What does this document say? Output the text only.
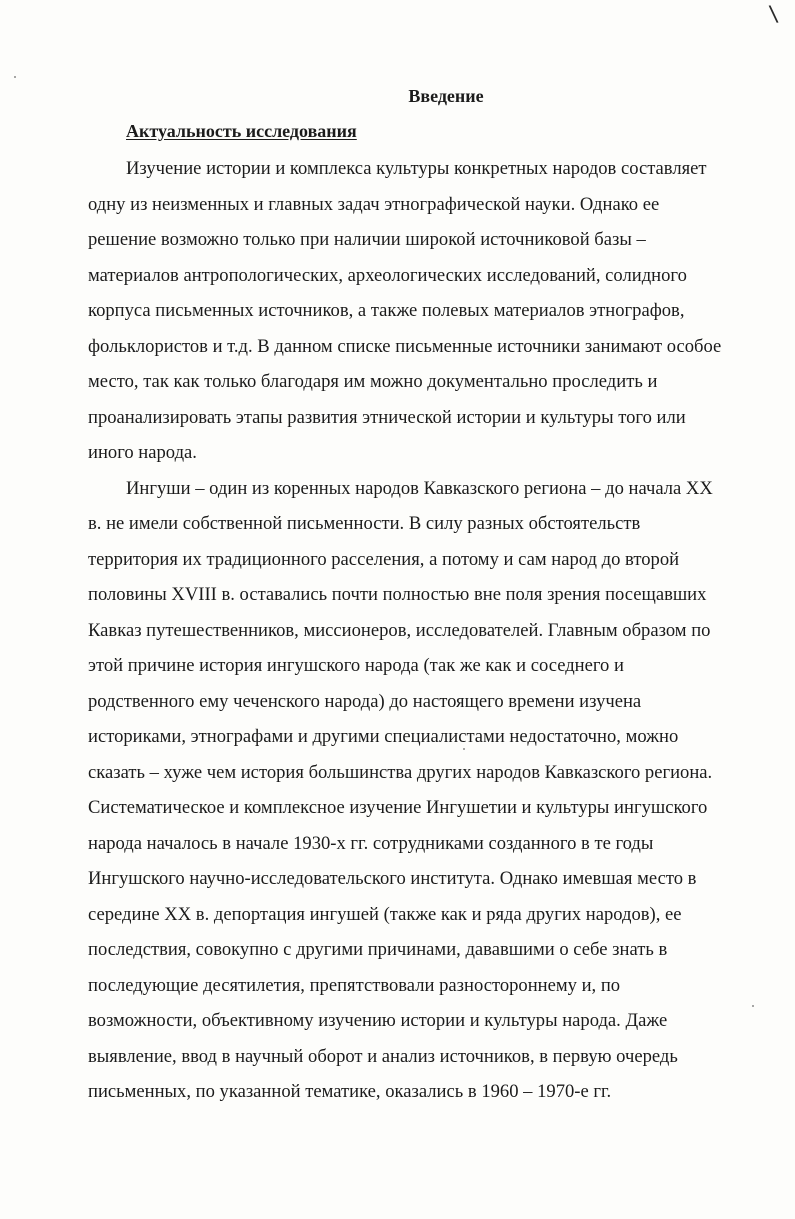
\
Введение
Актуальность исследования
Изучение истории и комплекса культуры конкретных народов составляет
одну из неизменных и главных задач этнографической науки. Однако ее
решение возможно только при наличии широкой источниковой базы –
материалов антропологических, археологических исследований, солидного
корпуса письменных источников, а также полевых материалов этнографов,
фольклористов и т.д. В данном списке письменные источники занимают особое
место, так как только благодаря им можно документально проследить и
проанализировать этапы развития этнической истории и культуры того или
иного народа.
Ингуши – один из коренных народов Кавказского региона – до начала XX
в. не имели собственной письменности. В силу разных обстоятельств
территория их традиционного расселения, а потому и сам народ до второй
половины XVIII в. оставались почти полностью вне поля зрения посещавших
Кавказ путешественников, миссионеров, исследователей. Главным образом по
этой причине история ингушского народа (так же как и соседнего и
родственного ему чеченского народа) до настоящего времени изучена
историками, этнографами и другими специалистами недостаточно, можно
сказать – хуже чем история большинства других народов Кавказского региона.
Систематическое и комплексное изучение Ингушетии и культуры ингушского
народа началось в начале 1930-х гг. сотрудниками созданного в те годы
Ингушского научно-исследовательского института. Однако имевшая место в
середине XX в. депортация ингушей (также как и ряда других народов), ее
последствия, совокупно с другими причинами, дававшими о себе знать в
последующие десятилетия, препятствовали разностороннему и, по
возможности, объективному изучению истории и культуры народа. Даже
выявление, ввод в научный оборот и анализ источников, в первую очередь
письменных, по указанной тематике, оказались в 1960 – 1970-е гг.
